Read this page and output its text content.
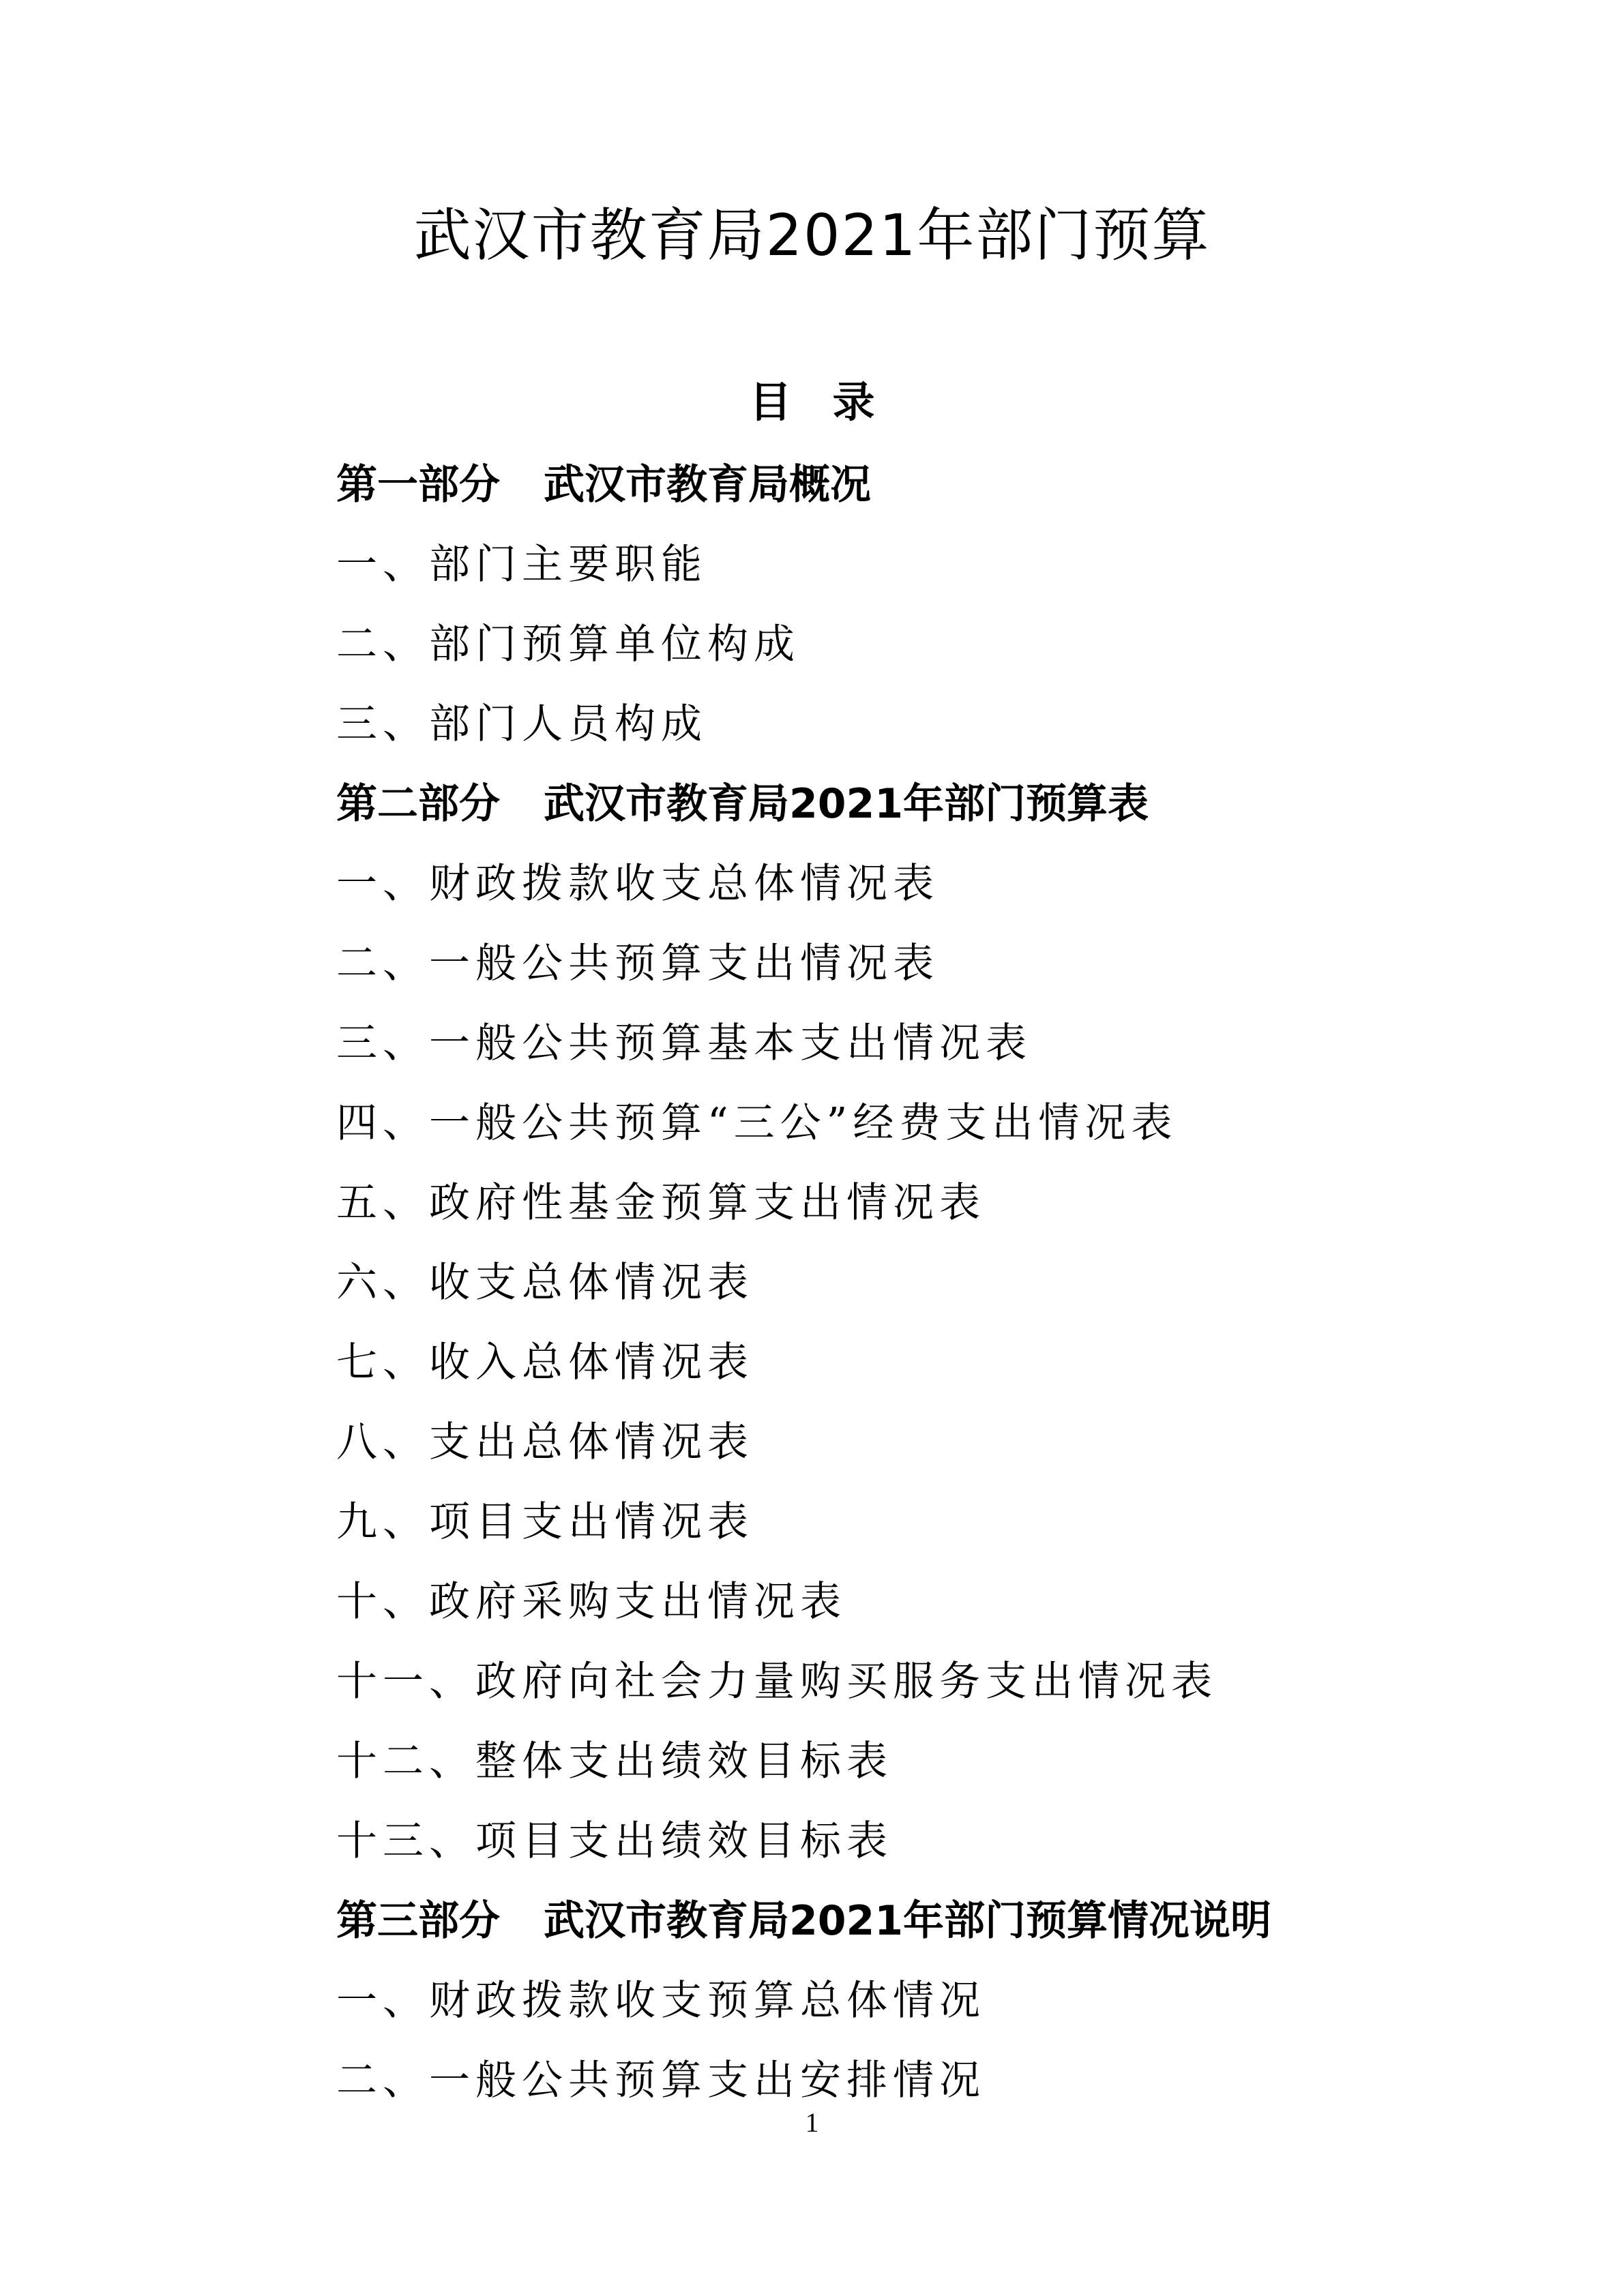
武汉市教育局2021年部门预算
目录
第一部分 武汉市教育局概况
一、部门主要职能
二、部门预算单位构成
三、部门人员构成
第二部分 武汉市教育局2021年部门预算表
一、财政拨款收支总体情况表
二、一般公共预算支出情况表
三、一般公共预算基本支出情况表
四、一般公共预算“三公”经费支出情况表
五、政府性基金预算支出情况表
六、收支总体情况表
七、收入总体情况表
八、支出总体情况表
九、项目支出情况表
十、政府采购支出情况表
十一、政府向社会力量购买服务支出情况表
十二、整体支出绩效目标表
十三、项目支出绩效目标表
第三部分 武汉市教育局2021年部门预算情况说明
一、财政拨款收支预算总体情况
二、一般公共预算支出安排情况
1
